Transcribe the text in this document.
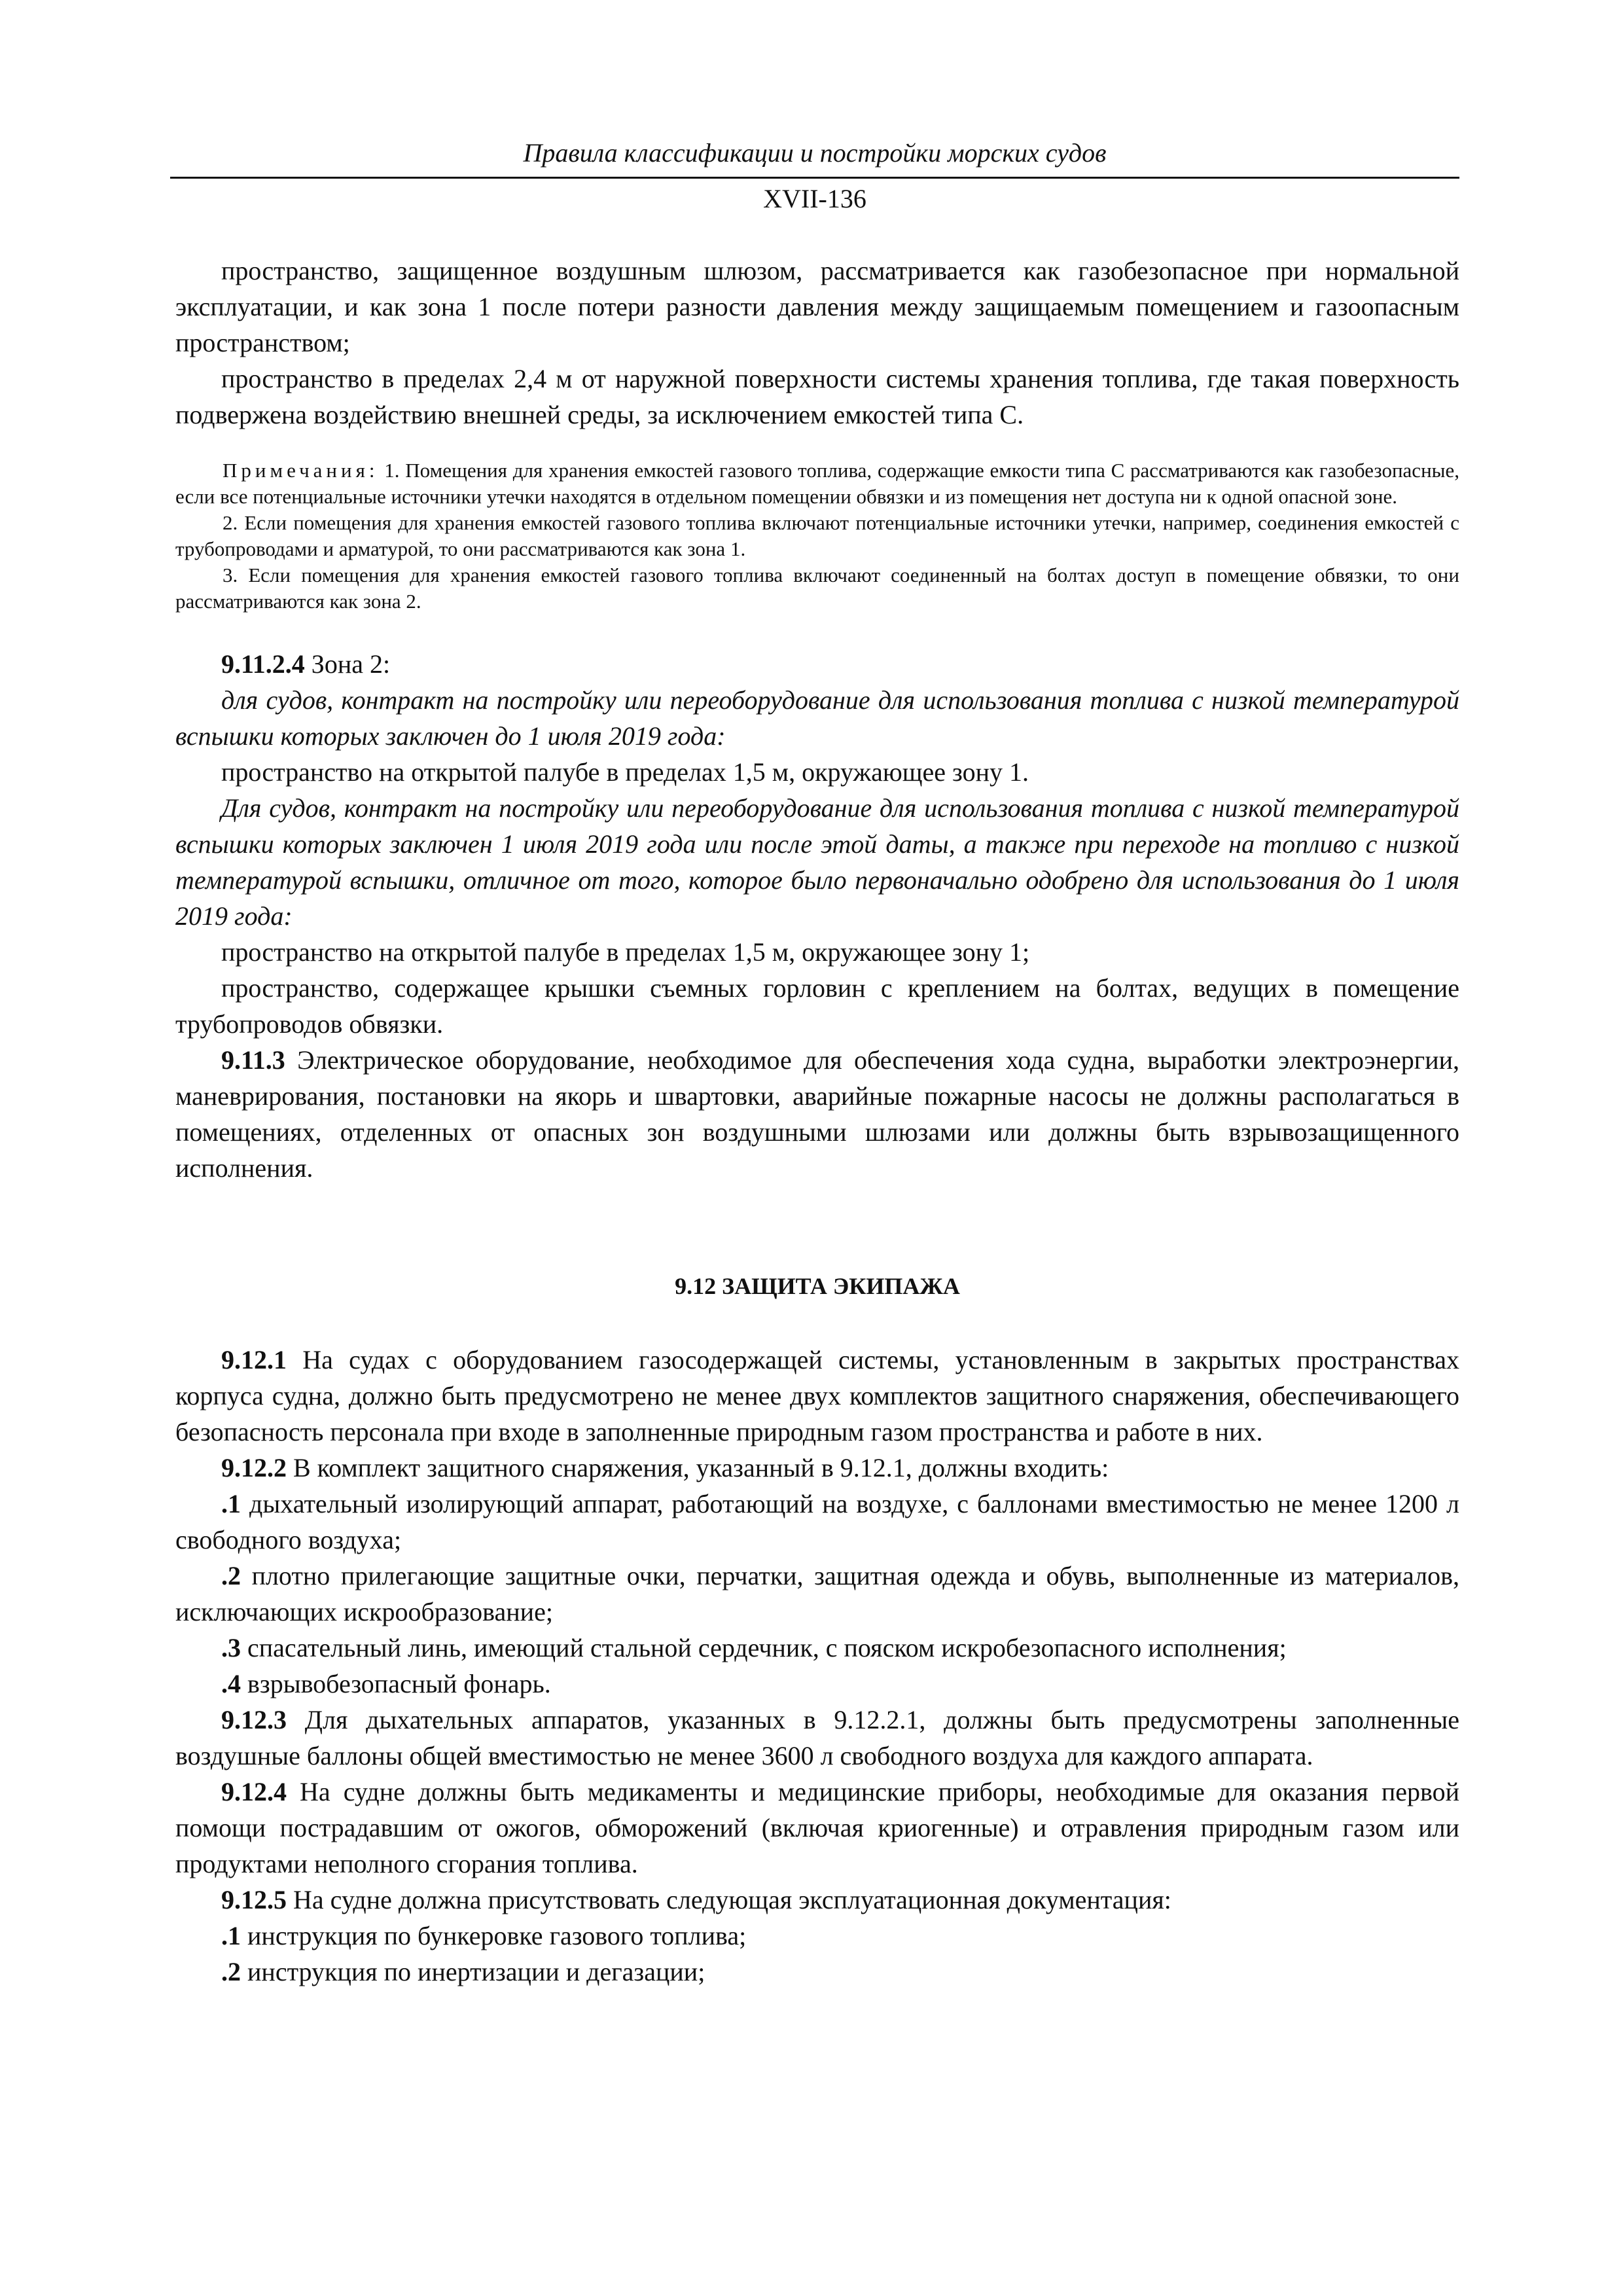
Правила классификации и постройки морских судов
XVII-136

пространство, защищенное воздушным шлюзом, рассматривается как газобезопасное при нормальной эксплуатации, и как зона 1 после потери разности давления между защищаемым помещением и газоопасным пространством;

пространство в пределах 2,4 м от наружной поверхности системы хранения топлива, где такая поверхность подвержена воздействию внешней среды, за исключением емкостей типа С.

Примечания: 1. Помещения для хранения емкостей газового топлива, содержащие емкости типа С рассматриваются как газобезопасные, если все потенциальные источники утечки находятся в отдельном помещении обвязки и из помещения нет доступа ни к одной опасной зоне.

2. Если помещения для хранения емкостей газового топлива включают потенциальные источники утечки, например, соединения емкостей с трубопроводами и арматурой, то они рассматриваются как зона 1.

3. Если помещения для хранения емкостей газового топлива включают соединенный на болтах доступ в помещение обвязки, то они рассматриваются как зона 2.

9.11.2.4 Зона 2:

для судов, контракт на постройку или переоборудование для использования топлива с низкой температурой вспышки которых заключен до 1 июля 2019 года:

пространство на открытой палубе в пределах 1,5 м, окружающее зону 1.

Для судов, контракт на постройку или переоборудование для использования топлива с низкой температурой вспышки которых заключен 1 июля 2019 года или после этой даты, а также при переходе на топливо с низкой температурой вспышки, отличное от того, которое было первоначально одобрено для использования до 1 июля 2019 года:

пространство на открытой палубе в пределах 1,5 м, окружающее зону 1;

пространство, содержащее крышки съемных горловин с креплением на болтах, ведущих в помещение трубопроводов обвязки.

9.11.3 Электрическое оборудование, необходимое для обеспечения хода судна, выработки электроэнергии, маневрирования, постановки на якорь и швартовки, аварийные пожарные насосы не должны располагаться в помещениях, отделенных от опасных зон воздушными шлюзами или должны быть взрывозащищенного исполнения.

9.12 ЗАЩИТА ЭКИПАЖА

9.12.1 На судах с оборудованием газосодержащей системы, установленным в закрытых пространствах корпуса судна, должно быть предусмотрено не менее двух комплектов защитного снаряжения, обеспечивающего безопасность персонала при входе в заполненные природным газом пространства и работе в них.

9.12.2 В комплект защитного снаряжения, указанный в 9.12.1, должны входить:

.1 дыхательный изолирующий аппарат, работающий на воздухе, с баллонами вместимостью не менее 1200 л свободного воздуха;

.2 плотно прилегающие защитные очки, перчатки, защитная одежда и обувь, выполненные из материалов, исключающих искрообразование;

.3 спасательный линь, имеющий стальной сердечник, с пояском искробезопасного исполнения;

.4 взрывобезопасный фонарь.

9.12.3 Для дыхательных аппаратов, указанных в 9.12.2.1, должны быть предусмотрены заполненные воздушные баллоны общей вместимостью не менее 3600 л свободного воздуха для каждого аппарата.

9.12.4 На судне должны быть медикаменты и медицинские приборы, необходимые для оказания первой помощи пострадавшим от ожогов, обморожений (включая криогенные) и отравления природным газом или продуктами неполного сгорания топлива.

9.12.5 На судне должна присутствовать следующая эксплуатационная документация:

.1 инструкция по бункеровке газового топлива;

.2 инструкция по инертизации и дегазации;
